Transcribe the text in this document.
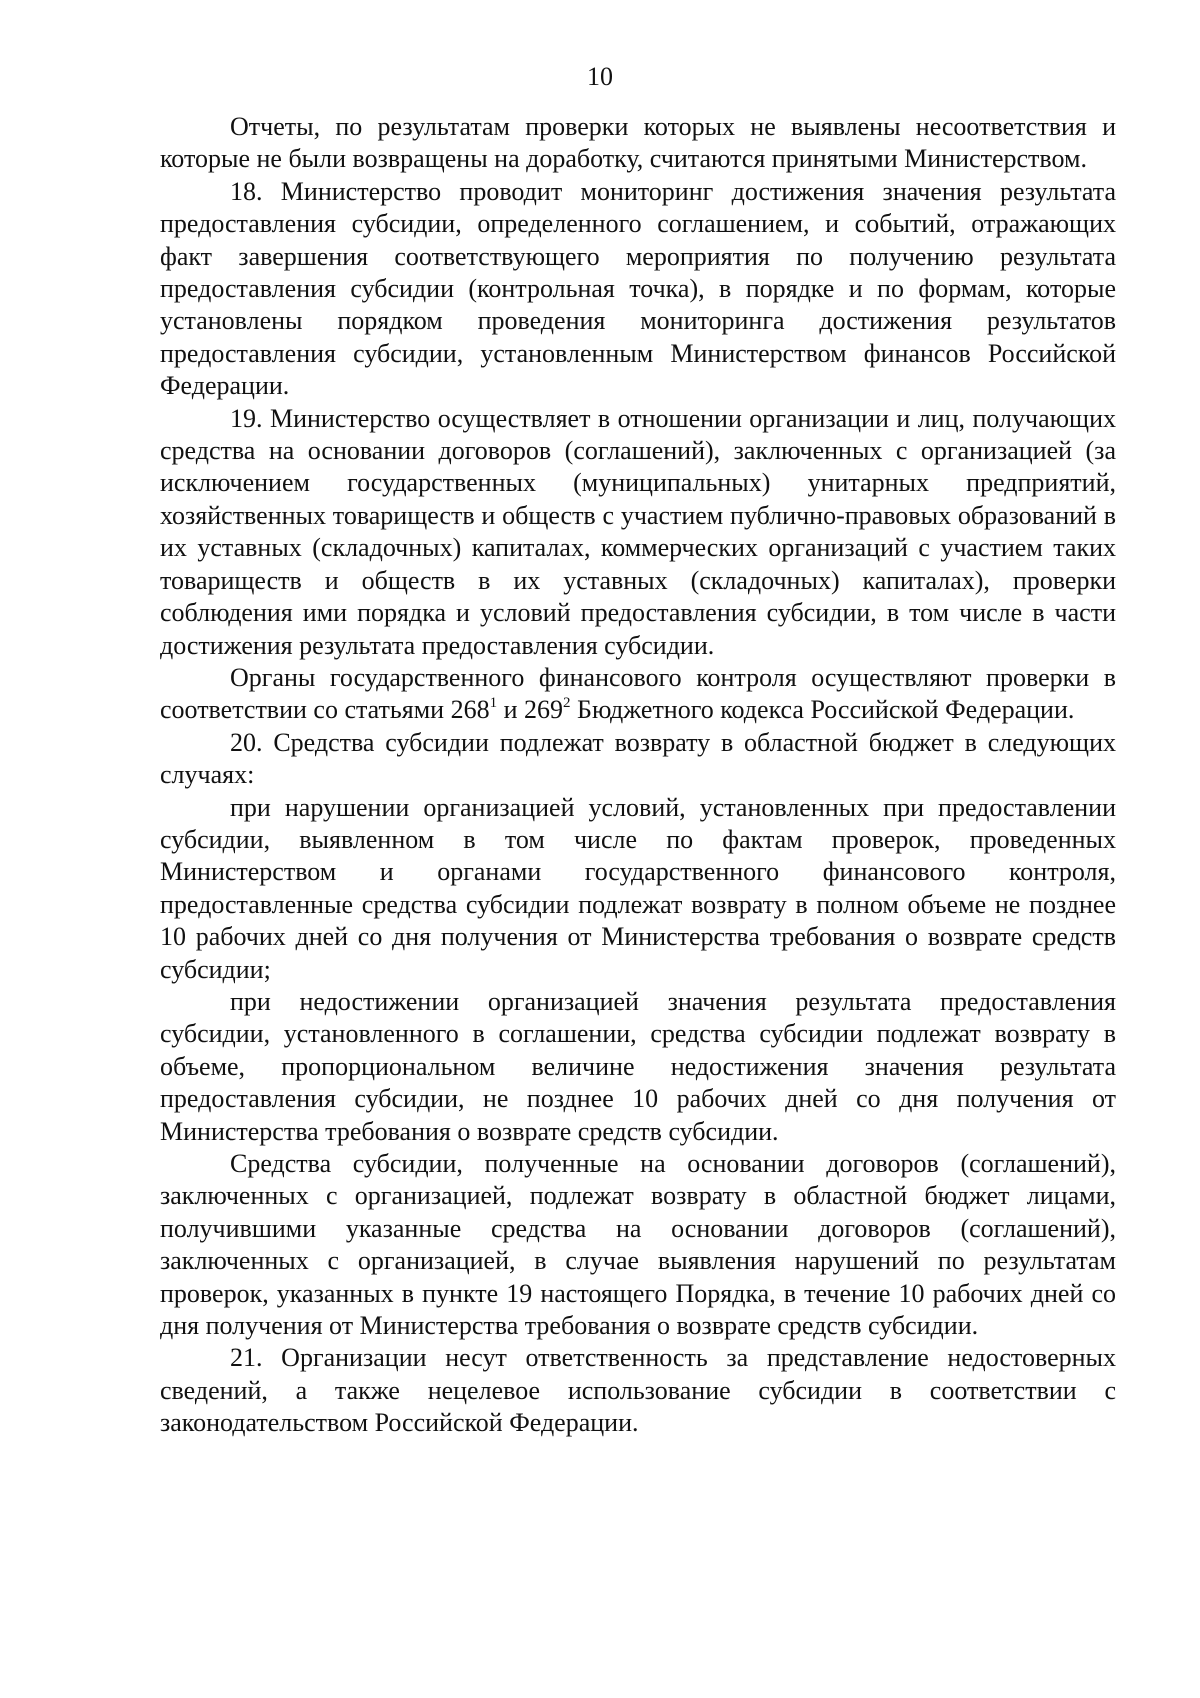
10

Отчеты, по результатам проверки которых не выявлены несоответствия и которые не были возвращены на доработку, считаются принятыми Министерством.

18. Министерство проводит мониторинг достижения значения результата предоставления субсидии, определенного соглашением, и событий, отражающих факт завершения соответствующего мероприятия по получению результата предоставления субсидии (контрольная точка), в порядке и по формам, которые установлены порядком проведения мониторинга достижения результатов предоставления субсидии, установленным Министерством финансов Российской Федерации.

19. Министерство осуществляет в отношении организации и лиц, получающих средства на основании договоров (соглашений), заключенных с организацией (за исключением государственных (муниципальных) унитарных предприятий, хозяйственных товариществ и обществ с участием публично-правовых образований в их уставных (складочных) капиталах, коммерческих организаций с участием таких товариществ и обществ в их уставных (складочных) капиталах), проверки соблюдения ими порядка и условий предоставления субсидии, в том числе в части достижения результата предоставления субсидии.

Органы государственного финансового контроля осуществляют проверки в соответствии со статьями $268^1$ и $269^2$ Бюджетного кодекса Российской Федерации.

20. Средства субсидии подлежат возврату в областной бюджет в следующих случаях:

при нарушении организацией условий, установленных при предоставлении субсидии, выявленном в том числе по фактам проверок, проведенных Министерством и органами государственного финансового контроля, предоставленные средства субсидии подлежат возврату в полном объеме не позднее 10 рабочих дней со дня получения от Министерства требования о возврате средств субсидии;

при недостижении организацией значения результата предоставления субсидии, установленного в соглашении, средства субсидии подлежат возврату в объеме, пропорциональном величине недостижения значения результата предоставления субсидии, не позднее 10 рабочих дней со дня получения от Министерства требования о возврате средств субсидии.

Средства субсидии, полученные на основании договоров (соглашений), заключенных с организацией, подлежат возврату в областной бюджет лицами, получившими указанные средства на основании договоров (соглашений), заключенных с организацией, в случае выявления нарушений по результатам проверок, указанных в пункте 19 настоящего Порядка, в течение 10 рабочих дней со дня получения от Министерства требования о возврате средств субсидии.

21. Организации несут ответственность за представление недостоверных сведений, а также нецелевое использование субсидии в соответствии с законодательством Российской Федерации.
